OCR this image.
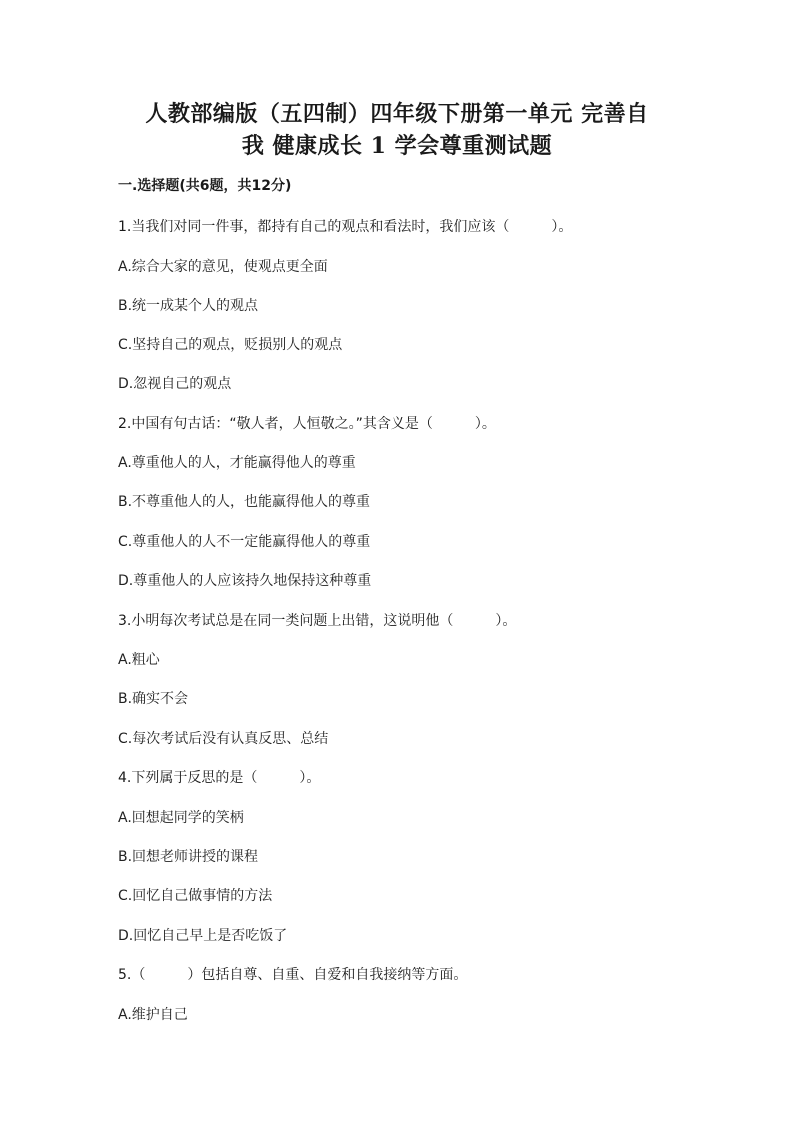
人教部编版（五四制）四年级下册第一单元 完善自
我 健康成长 1 学会尊重测试题
一.选择题(共6题，共12分)
1.当我们对同一件事，都持有自己的观点和看法时，我们应该（　　　）。
A.综合大家的意见，使观点更全面
B.统一成某个人的观点
C.坚持自己的观点，贬损别人的观点
D.忽视自己的观点
2.中国有句古话：“敬人者，人恒敬之。”其含义是（　　　）。
A.尊重他人的人，才能赢得他人的尊重
B.不尊重他人的人，也能赢得他人的尊重
C.尊重他人的人不一定能赢得他人的尊重
D.尊重他人的人应该持久地保持这种尊重
3.小明每次考试总是在同一类问题上出错，这说明他（　　　）。
A.粗心
B.确实不会
C.每次考试后没有认真反思、总结
4.下列属于反思的是（　　　）。
A.回想起同学的笑柄
B.回想老师讲授的课程
C.回忆自己做事情的方法
D.回忆自己早上是否吃饭了
5.（　　　）包括自尊、自重、自爱和自我接纳等方面。
A.维护自己
